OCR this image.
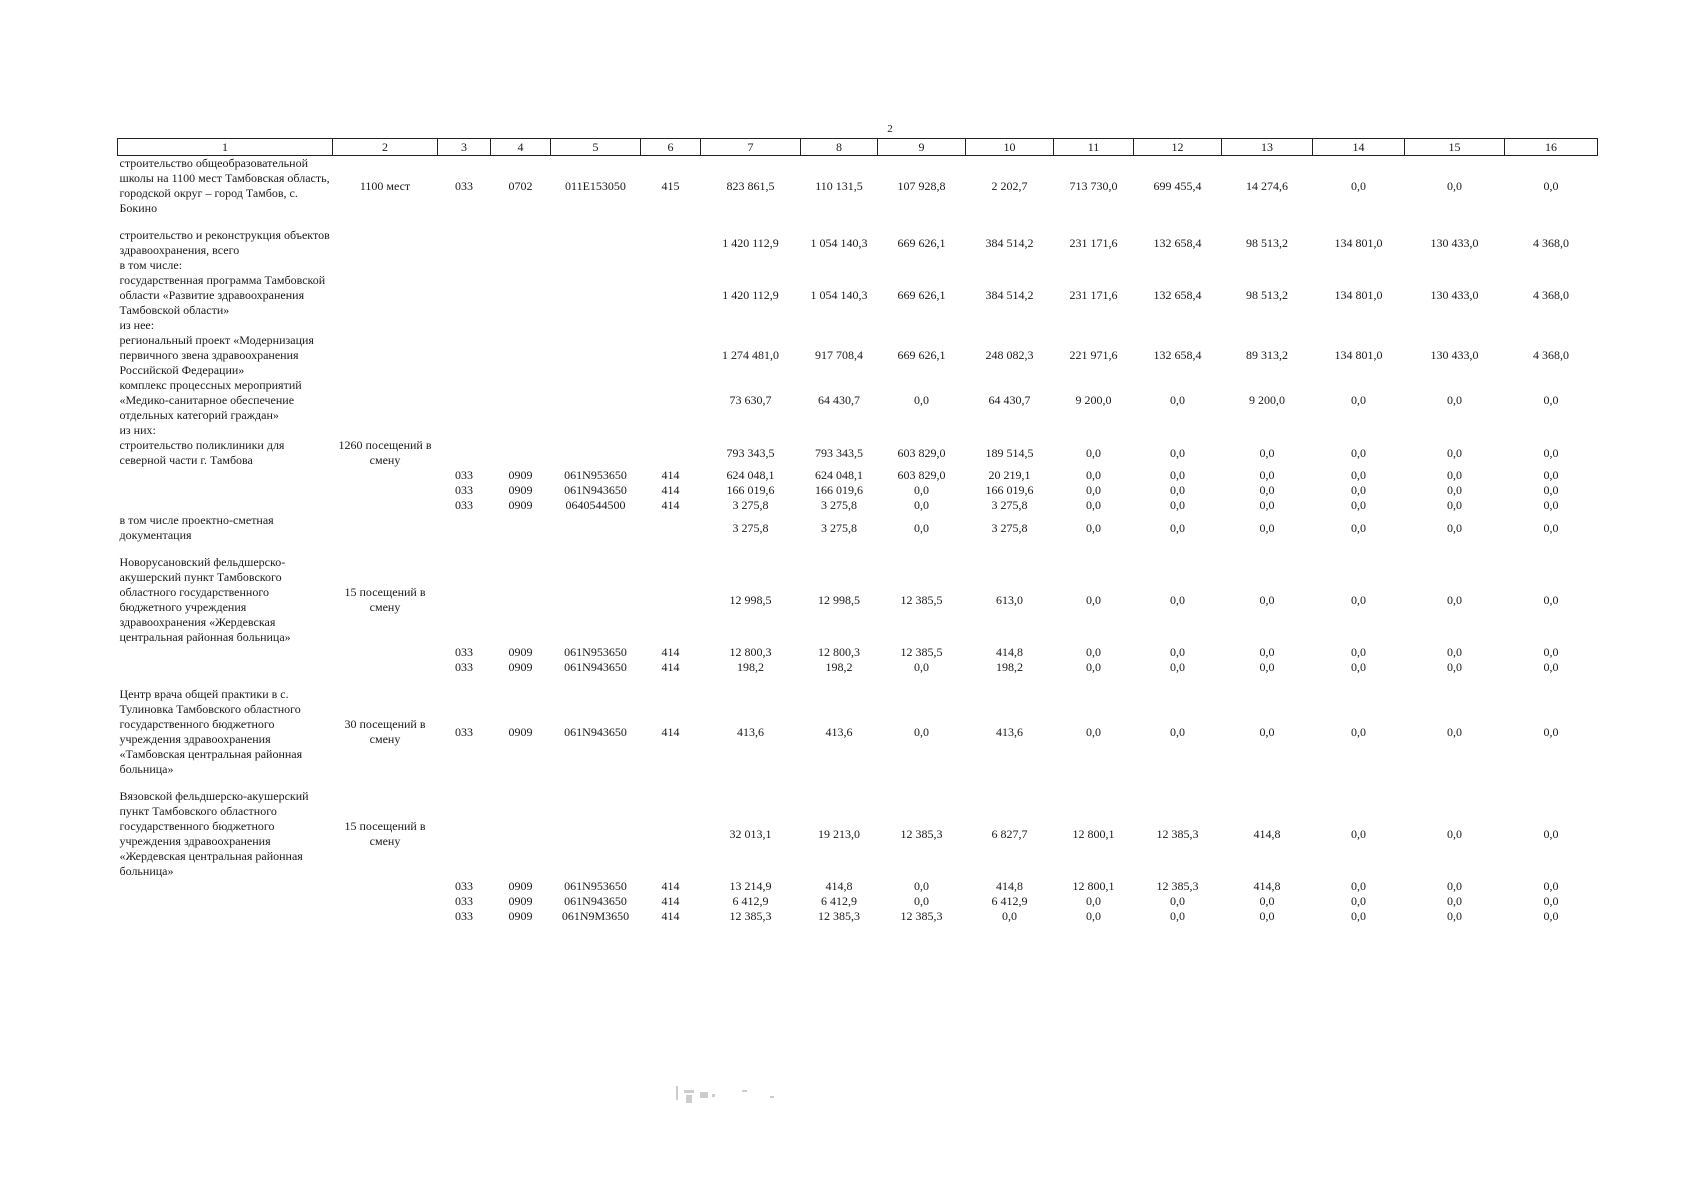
2
1	2	3	4	5	6	7	8	9	10	11	12	13	14	15	16
строительство общеобразовательной школы на 1100 мест Тамбовская область, городской округ – город Тамбов, с. Бокино	1100 мест	033	0702	011E153050	415	823 861,5	110 131,5	107 928,8	2 202,7	713 730,0	699 455,4	14 274,6	0,0	0,0	0,0

строительство и реконструкция объектов здравоохранения, всего						1 420 112,9	1 054 140,3	669 626,1	384 514,2	231 171,6	132 658,4	98 513,2	134 801,0	130 433,0	4 368,0
в том числе:															
государственная программа Тамбовской области «Развитие здравоохранения Тамбовской области»						1 420 112,9	1 054 140,3	669 626,1	384 514,2	231 171,6	132 658,4	98 513,2	134 801,0	130 433,0	4 368,0
из нее:															
региональный проект «Модернизация первичного звена здравоохранения Российской Федерации»						1 274 481,0	917 708,4	669 626,1	248 082,3	221 971,6	132 658,4	89 313,2	134 801,0	130 433,0	4 368,0
комплекс процессных мероприятий «Медико-санитарное обеспечение отдельных категорий граждан»						73 630,7	64 430,7	0,0	64 430,7	9 200,0	0,0	9 200,0	0,0	0,0	0,0
из них:															
строительство поликлиники для северной части г. Тамбова	1260 посещений в смену					793 343,5	793 343,5	603 829,0	189 514,5	0,0	0,0	0,0	0,0	0,0	0,0
		033	0909	061N953650	414	624 048,1	624 048,1	603 829,0	20 219,1	0,0	0,0	0,0	0,0	0,0	0,0
		033	0909	061N943650	414	166 019,6	166 019,6	0,0	166 019,6	0,0	0,0	0,0	0,0	0,0	0,0
		033	0909	0640544500	414	3 275,8	3 275,8	0,0	3 275,8	0,0	0,0	0,0	0,0	0,0	0,0
в том числе проектно-сметная документация						3 275,8	3 275,8	0,0	3 275,8	0,0	0,0	0,0	0,0	0,0	0,0

Новорусановский фельдшерско-акушерский пункт Тамбовского областного государственного бюджетного учреждения здравоохранения «Жердевская центральная районная больница»	15 посещений в смену					12 998,5	12 998,5	12 385,5	613,0	0,0	0,0	0,0	0,0	0,0	0,0
		033	0909	061N953650	414	12 800,3	12 800,3	12 385,5	414,8	0,0	0,0	0,0	0,0	0,0	0,0
		033	0909	061N943650	414	198,2	198,2	0,0	198,2	0,0	0,0	0,0	0,0	0,0	0,0

Центр врача общей практики в с. Тулиновка Тамбовского областного государственного бюджетного учреждения здравоохранения «Тамбовская центральная районная больница»	30 посещений в смену	033	0909	061N943650	414	413,6	413,6	0,0	413,6	0,0	0,0	0,0	0,0	0,0	0,0

Вязовской фельдшерско-акушерский пункт Тамбовского областного государственного бюджетного учреждения здравоохранения «Жердевская центральная районная больница»	15 посещений в смену					32 013,1	19 213,0	12 385,3	6 827,7	12 800,1	12 385,3	414,8	0,0	0,0	0,0
		033	0909	061N953650	414	13 214,9	414,8	0,0	414,8	12 800,1	12 385,3	414,8	0,0	0,0	0,0
		033	0909	061N943650	414	6 412,9	6 412,9	0,0	6 412,9	0,0	0,0	0,0	0,0	0,0	0,0
		033	0909	061N9M3650	414	12 385,3	12 385,3	12 385,3	0,0	0,0	0,0	0,0	0,0	0,0	0,0
